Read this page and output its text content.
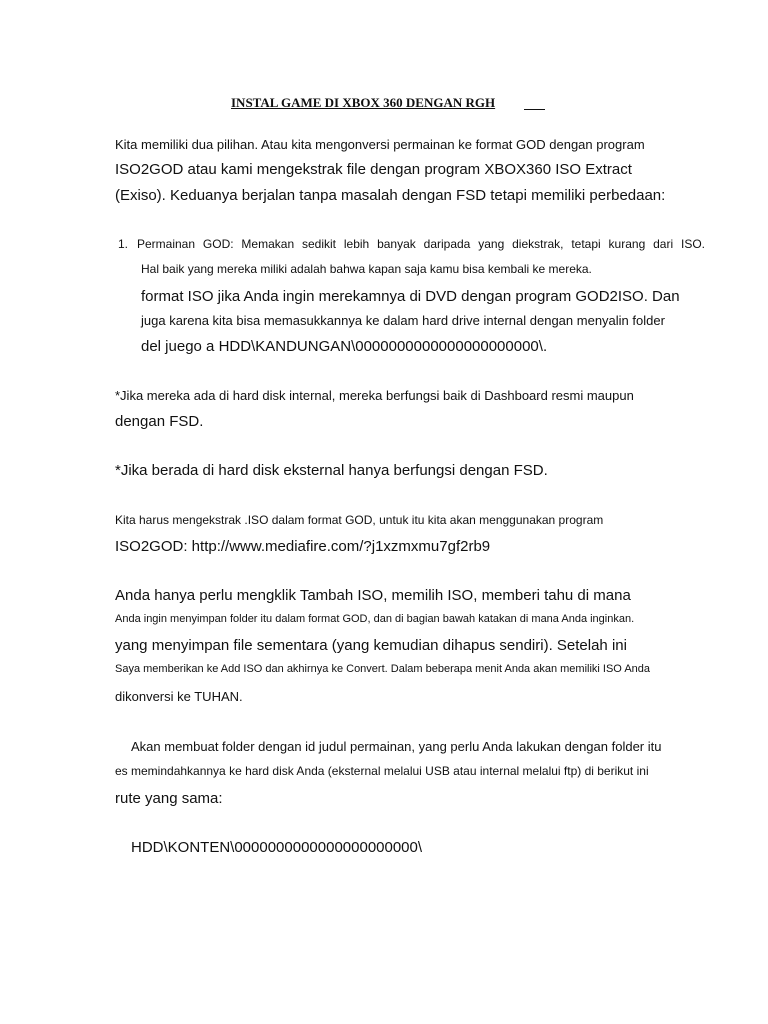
INSTAL GAME DI XBOX 360 DENGAN RGH

Kita memiliki dua pilihan. Atau kita mengonversi permainan ke format GOD dengan program

ISO2GOD atau kami mengekstrak file dengan program XBOX360 ISO Extract

(Exiso). Keduanya berjalan tanpa masalah dengan FSD tetapi memiliki perbedaan:

1. Permainan GOD: Memakan sedikit lebih banyak daripada yang diekstrak, tetapi kurang dari ISO.

Hal baik yang mereka miliki adalah bahwa kapan saja kamu bisa kembali ke mereka.

format ISO jika Anda ingin merekamnya di DVD dengan program GOD2ISO. Dan

juga karena kita bisa memasukkannya ke dalam hard drive internal dengan menyalin folder

del juego a HDD\KANDUNGAN\0000000000000000000000\.

*Jika mereka ada di hard disk internal, mereka berfungsi baik di Dashboard resmi maupun

dengan FSD.

*Jika berada di hard disk eksternal hanya berfungsi dengan FSD.

Kita harus mengekstrak .ISO dalam format GOD, untuk itu kita akan menggunakan program

ISO2GOD: http://www.mediafire.com/?j1xzmxmu7gf2rb9

Anda hanya perlu mengklik Tambah ISO, memilih ISO, memberi tahu di mana

Anda ingin menyimpan folder itu dalam format GOD, dan di bagian bawah katakan di mana Anda inginkan.

yang menyimpan file sementara (yang kemudian dihapus sendiri). Setelah ini

Saya memberikan ke Add ISO dan akhirnya ke Convert. Dalam beberapa menit Anda akan memiliki ISO Anda

dikonversi ke TUHAN.

Akan membuat folder dengan id judul permainan, yang perlu Anda lakukan dengan folder itu

es memindahkannya ke hard disk Anda (eksternal melalui USB atau internal melalui ftp) di berikut ini

rute yang sama:

HDD\KONTEN\0000000000000000000000\
